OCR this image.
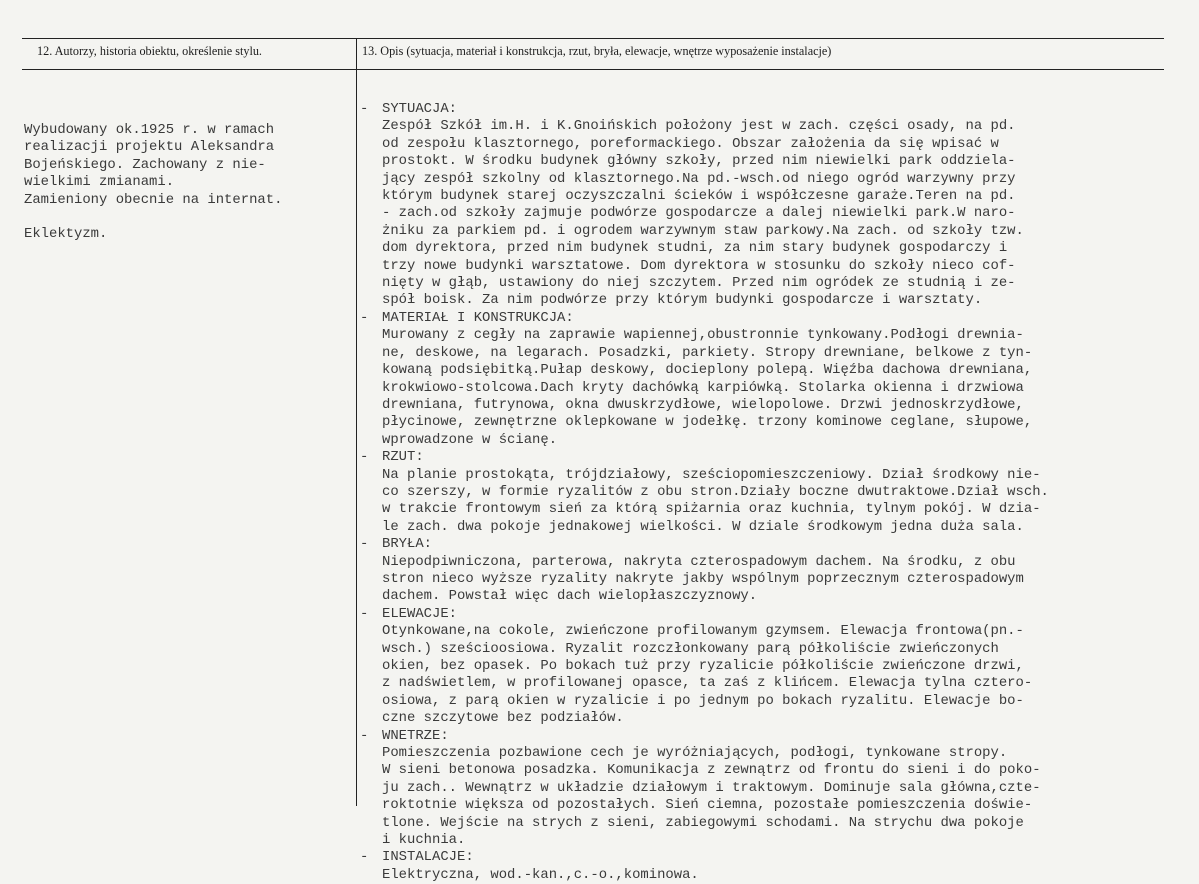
12. Autorzy, historia obiektu, określenie stylu.	13. Opis (sytuacja, materiał i konstrukcja, rzut, bryła, elewacje, wnętrze wyposażenie instalacje)
Wybudowany ok.1925 r. w ramach
realizacji projektu Aleksandra
Bojeńskiego. Zachowany z nie-
wielkimi zmianami.
Zamieniony obecnie na internat.
Eklektyzm.
- SYTUACJA:
Zespół Szkół im.H. i K.Gnoińskich położony jest w zach. części osady, na pd.
od zespołu klasztornego, poreformackiego. Obszar założenia da się wpisać w
prostokt. W środku budynek główny szkoły, przed nim niewielki park oddziela-
jący zespół szkolny od klasztornego.Na pd.-wsch.od niego ogród warzywny przy
którym budynek starej oczyszczalni ścieków i współczesne garaże.Teren na pd.
- zach.od szkoły zajmuje podwórze gospodarcze a dalej niewielki park.W naro-
żniku za parkiem pd. i ogrodem warzywnym staw parkowy.Na zach. od szkoły tzw.
dom dyrektora, przed nim budynek studni, za nim stary budynek gospodarczy i
trzy nowe budynki warsztatowe. Dom dyrektora w stosunku do szkoły nieco cof-
nięty w głąb, ustawiony do niej szczytem. Przed nim ogródek ze studnią i ze-
spół boisk. Za nim podwórze przy którym budynki gospodarcze i warsztaty.
- MATERIAŁ I KONSTRUKCJA:
Murowany z cegły na zaprawie wapiennej,obustronnie tynkowany.Podłogi drewnia-
ne, deskowe, na legarach. Posadzki, parkiety. Stropy drewniane, belkowe z tyn-
kowaną podsiębitką.Pułap deskowy, docieplony polepą. Więźba dachowa drewniana,
krokwiowo-stolcowa.Dach kryty dachówką karpiówką. Stolarka okienna i drzwiowa
drewniana, futrynowa, okna dwuskrzydłowe, wielopolowe. Drzwi jednoskrzydłowe,
płycinowe, zewnętrzne oklepkowane w jodełkę. trzony kominowe ceglane, słupowe,
wprowadzone w ścianę.
- RZUT:
Na planie prostokąta, trójdziałowy, sześciopomieszczeniowy. Dział środkowy nie-
co szerszy, w formie ryzalitów z obu stron.Działy boczne dwutraktowe.Dział wsch.
w trakcie frontowym sień za którą spiżarnia oraz kuchnia, tylnym pokój. W dzia-
le zach. dwa pokoje jednakowej wielkości. W dziale środkowym jedna duża sala.
- BRYŁA:
Niepodpiwniczona, parterowa, nakryta czterospadowym dachem. Na środku, z obu
stron nieco wyższe ryzality nakryte jakby wspólnym poprzecznym czterospadowym
dachem. Powstał więc dach wielopłaszczyznowy.
- ELEWACJE:
Otynkowane,na cokole, zwieńczone profilowanym gzymsem. Elewacja frontowa(pn.-
wsch.) sześcioosiowa. Ryzalit rozczłonkowany parą półkoliście zwieńczonych
okien, bez opasek. Po bokach tuż przy ryzalicie półkoliście zwieńczone drzwi,
z nadświetlem, w profilowanej opasce, ta zaś z klińcem. Elewacja tylna cztero-
osiowa, z parą okien w ryzalicie i po jednym po bokach ryzalitu. Elewacje bo-
czne szczytowe bez podziałów.
- WNETRZE:
Pomieszczenia pozbawione cech je wyróżniających, podłogi, tynkowane stropy.
W sieni betonowa posadzka. Komunikacja z zewnątrz od frontu do sieni i do poko-
ju zach.. Wewnątrz w układzie działowym i traktowym. Dominuje sala główna,czte-
roktotnie większa od pozostałych. Sień ciemna, pozostałe pomieszczenia doświe-
tlone. Wejście na strych z sieni, zabiegowymi schodami. Na strychu dwa pokoje
i kuchnia.
- INSTALACJE:
Elektryczna, wod.-kan.,c.-o.,kominowa.
